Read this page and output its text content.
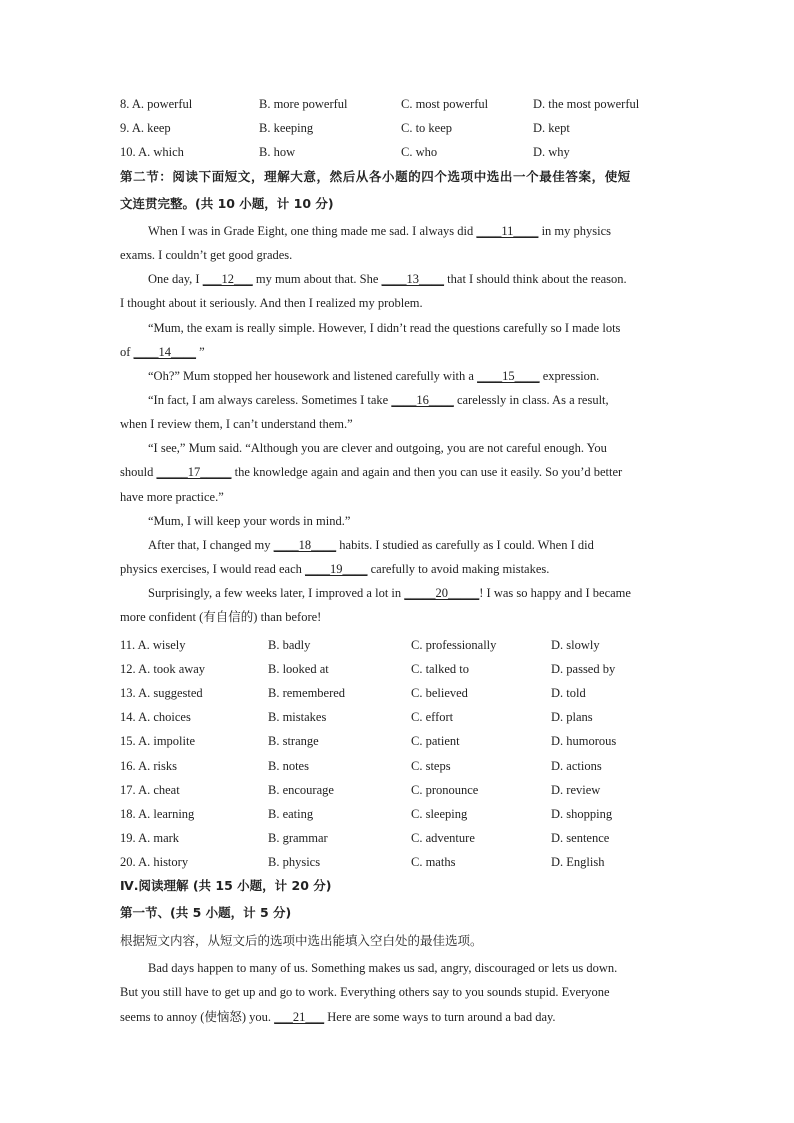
8. A. powerful	B. more powerful	C. most powerful	D. the most powerful
9. A. keep	B. keeping	C. to keep	D. kept
10. A. which	B. how	C. who	D. why
第二节：阅读下面短文，理解大意，然后从各小题的四个选项中选出一个最佳答案，使短
文连贯完整。(共 10 小题，计 10 分)
When I was in Grade Eight, one thing made me sad. I always did ____11____ in my physics
exams. I couldn’t get good grades.
One day, I ___12___ my mum about that. She ____13____ that I should think about the reason.
I thought about it seriously. And then I realized my problem.
“Mum, the exam is really simple. However, I didn’t read the questions carefully so I made lots
of ____14____ ”
“Oh?” Mum stopped her housework and listened carefully with a ____15____ expression.
“In fact, I am always careless. Sometimes I take ____16____ carelessly in class. As a result,
when I review them, I can’t understand them.”
“I see,” Mum said. “Although you are clever and outgoing, you are not careful enough. You
should _____17_____ the knowledge again and again and then you can use it easily. So you’d better
have more practice.”
“Mum, I will keep your words in mind.”
After that, I changed my ____18____ habits. I studied as carefully as I could. When I did
physics exercises, I would read each ____19____ carefully to avoid making mistakes.
Surprisingly, a few weeks later, I improved a lot in _____20_____! I was so happy and I became
more confident (有自信的) than before!
11. A. wisely	B. badly	C. professionally	D. slowly
12. A. took away	B. looked at	C. talked to	D. passed by
13. A. suggested	B. remembered	C. believed	D. told
14. A. choices	B. mistakes	C. effort	D. plans
15. A. impolite	B. strange	C. patient	D. humorous
16. A. risks	B. notes	C. steps	D. actions
17. A. cheat	B. encourage	C. pronounce	D. review
18. A. learning	B. eating	C. sleeping	D. shopping
19. A. mark	B. grammar	C. adventure	D. sentence
20. A. history	B. physics	C. maths	D. English
Ⅳ.阅读理解 (共 15 小题，计 20 分)
第一节、(共 5 小题，计 5 分)
根据短文内容，从短文后的选项中选出能填入空白处的最佳选项。
Bad days happen to many of us. Something makes us sad, angry, discouraged or lets us down.
But you still have to get up and go to work. Everything others say to you sounds stupid. Everyone
seems to annoy (使恼怒) you. ___21___ Here are some ways to turn around a bad day.
